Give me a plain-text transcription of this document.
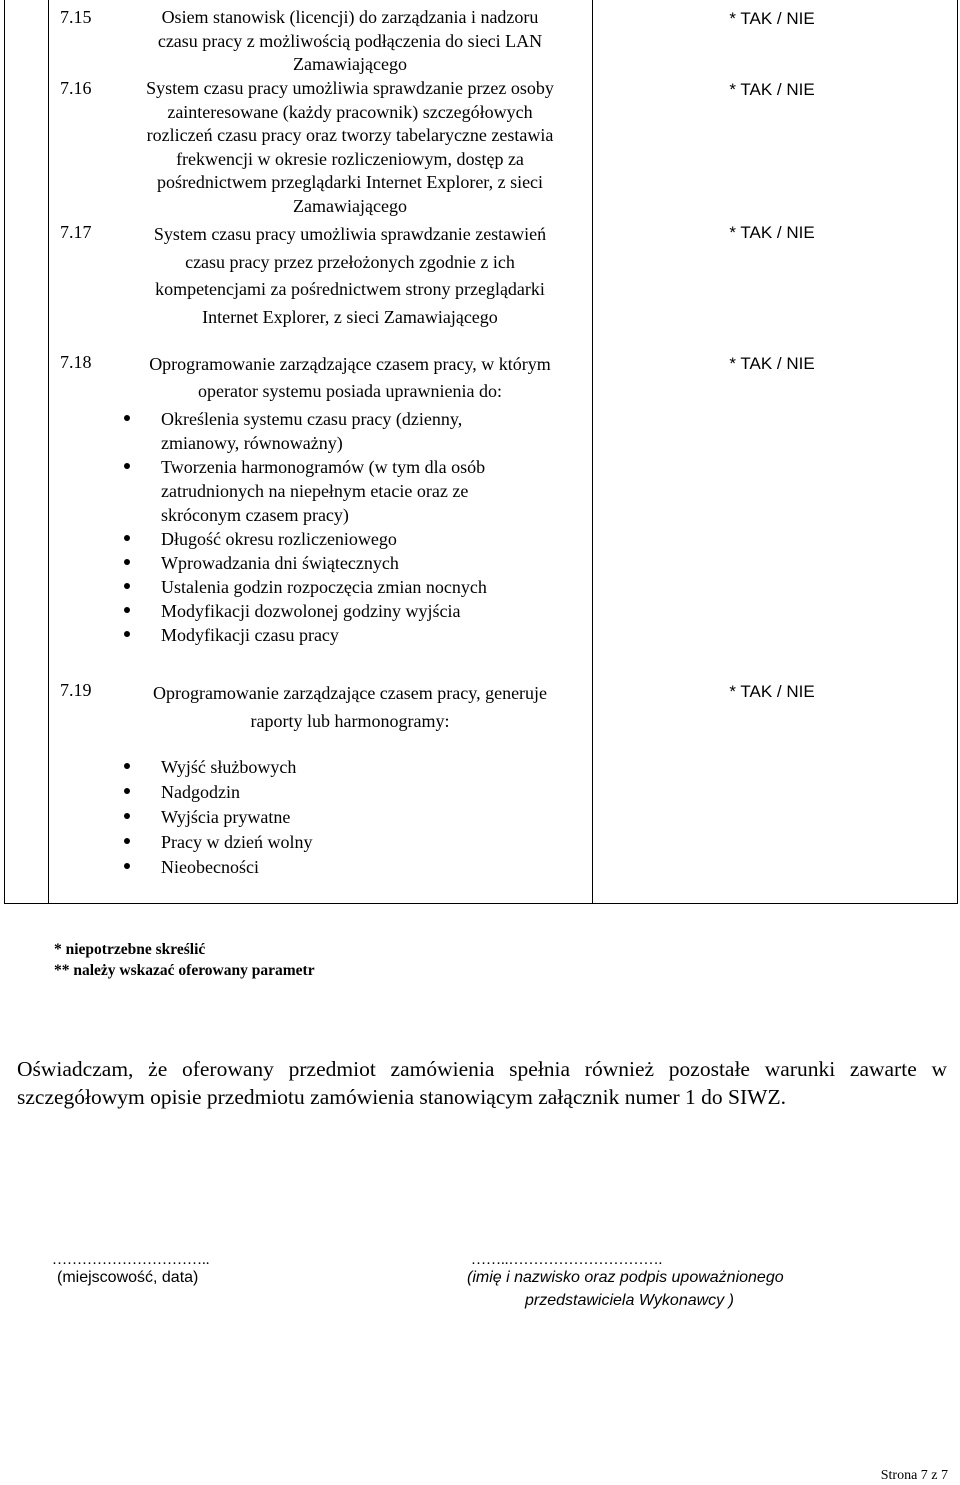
7.15	Osiem stanowisk (licencji) do zarządzania i nadzoru
czasu pracy z możliwością podłączenia do sieci LAN
Zamawiającego
* TAK / NIE
7.16	System czasu pracy umożliwia sprawdzanie przez osoby
zainteresowane (każdy pracownik) szczegółowych
rozliczeń czasu pracy oraz tworzy tabelaryczne zestawia
frekwencji w okresie rozliczeniowym, dostęp za
pośrednictwem przeglądarki Internet Explorer, z sieci
Zamawiającego
* TAK / NIE
7.17	System czasu pracy umożliwia sprawdzanie zestawień
czasu pracy przez przełożonych zgodnie z ich
kompetencjami za pośrednictwem strony przeglądarki
Internet Explorer, z sieci Zamawiającego
* TAK / NIE
7.18	Oprogramowanie zarządzające czasem pracy, w którym
operator systemu posiada uprawnienia do:
Określenia systemu czasu pracy (dzienny,
zmianowy, równoważny)
Tworzenia harmonogramów (w tym dla osób
zatrudnionych na niepełnym etacie oraz ze
skróconym czasem pracy)
Długość okresu rozliczeniowego
Wprowadzania dni świątecznych
Ustalenia godzin rozpoczęcia zmian nocnych
Modyfikacji dozwolonej godziny wyjścia
Modyfikacji czasu pracy
* TAK / NIE
7.19	Oprogramowanie zarządzające czasem pracy, generuje
raporty lub harmonogramy:
Wyjść służbowych
Nadgodzin
Wyjścia prywatne
Pracy w dzień wolny
Nieobecności
* TAK / NIE
* niepotrzebne skreślić
** należy wskazać oferowany parametr
Oświadczam, że oferowany przedmiot zamówienia spełnia również pozostałe warunki zawarte w szczegółowym opisie przedmiotu zamówienia stanowiącym załącznik numer 1 do SIWZ.
…………………………..
(miejscowość, data)
……..………………………….
(imię i nazwisko oraz podpis upoważnionego
przedstawiciela Wykonawcy )
Strona 7 z 7
